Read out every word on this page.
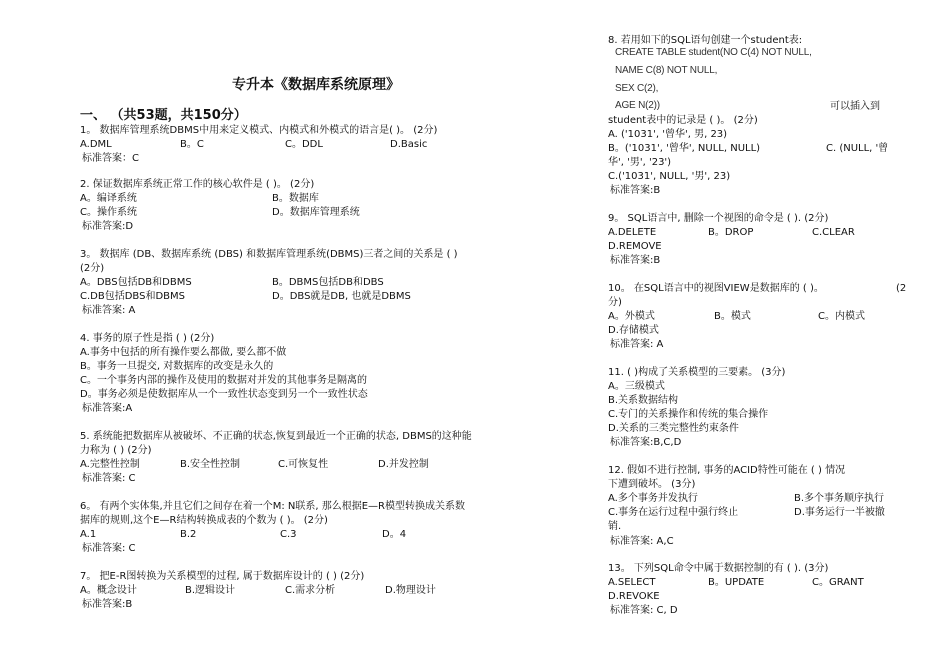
专升本《数据库系统原理》
一、 （共53题，共150分）
1。 数据库管理系统DBMS中用来定义模式、内模式和外模式的语言是( )。 (2分)
A.DML	B。C	C。DDL	D.Basic
标准答案：C
2. 保证数据库系统正常工作的核心软件是 ( )。 (2分)
A。编译系统	B。数据库
C。操作系统	D。数据库管理系统
标准答案:D
3。 数据库 (DB、数据库系统 (DBS) 和数据库管理系统(DBMS)三者之间的关系是 ( )
(2分)
A。DBS包括DB和DBMS	B。DBMS包括DB和DBS
C.DB包括DBS和DBMS	D。DBS就是DB, 也就是DBMS
标准答案: A
4. 事务的原子性是指 ( ) (2分)
A.事务中包括的所有操作要么都做, 要么都不做
B。事务一旦提交, 对数据库的改变是永久的
C。一个事务内部的操作及使用的数据对并发的其他事务是隔离的
D。事务必须是使数据库从一个一致性状态变到另一个一致性状态
标准答案:A
5. 系统能把数据库从被破坏、不正确的状态,恢复到最近一个正确的状态, DBMS的这种能
力称为 ( ) (2分)
A.完整性控制	B.安全性控制	C.可恢复性	D.并发控制
标准答案: C
6。 有两个实体集,并且它们之间存在着一个M: N联系, 那么根据E—R模型转换成关系数
据库的规则,这个E—R结构转换成表的个数为 ( )。 (2分)
A.1	B.2	C.3	D。4
标准答案: C
7。 把E-R图转换为关系模型的过程, 属于数据库设计的 ( ) (2分)
A。概念设计	B.逻辑设计	C.需求分析	D.物理设计
标准答案:B
8. 若用如下的SQL语句创建一个student表:
CREATE TABLE student(NO C(4) NOT NULL,
NAME C(8) NOT NULL,
SEX C(2),
AGE N(2))	可以插入到
student表中的记录是 ( )。 (2分)
A. ('1031', '曾华', 男, 23)
B。('1031', '曾华', NULL, NULL)	C. (NULL, '曾
华', '男', '23')
C.('1031', NULL, '男', 23)
标准答案:B
9。 SQL语言中, 删除一个视图的命令是 ( ). (2分)
A.DELETE	B。DROP	C.CLEAR
D.REMOVE
标准答案:B
10。 在SQL语言中的视图VIEW是数据库的 ( )。	(2
分)
A。外模式	B。模式	C。内模式
D.存储模式
标准答案: A
11. ( )构成了关系模型的三要素。 (3分)
A。三级模式
B.关系数据结构
C.专门的关系操作和传统的集合操作
D.关系的三类完整性约束条件
标准答案:B,C,D
12. 假如不进行控制, 事务的ACID特性可能在 ( ) 情况
下遭到破坏。 (3分)
A.多个事务并发执行	B.多个事务顺序执行
C.事务在运行过程中强行终止	D.事务运行一半被撤
销.
标准答案: A,C
13。 下列SQL命令中属于数据控制的有 ( ). (3分)
A.SELECT	B。UPDATE	C。GRANT
D.REVOKE
标准答案: C, D
